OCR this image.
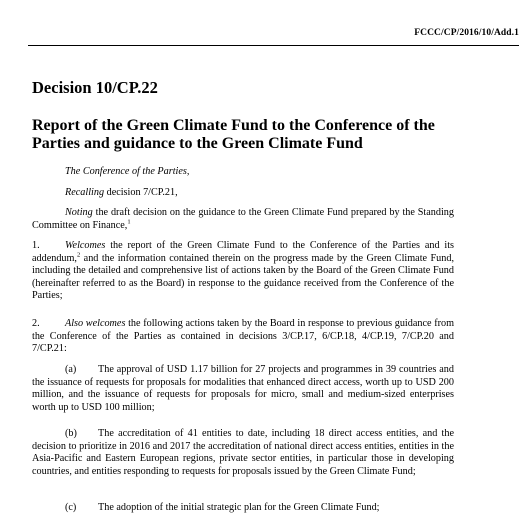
FCCC/CP/2016/10/Add.1
Decision 10/CP.22
Report of the Green Climate Fund to the Conference of the Parties and guidance to the Green Climate Fund
The Conference of the Parties,
Recalling decision 7/CP.21,
Noting the draft decision on the guidance to the Green Climate Fund prepared by the Standing Committee on Finance,$^1$
1. Welcomes the report of the Green Climate Fund to the Conference of the Parties and its addendum,$^2$ and the information contained therein on the progress made by the Green Climate Fund, including the detailed and comprehensive list of actions taken by the Board of the Green Climate Fund (hereinafter referred to as the Board) in response to the guidance received from the Conference of the Parties;
2. Also welcomes the following actions taken by the Board in response to previous guidance from the Conference of the Parties as contained in decisions 3/CP.17, 6/CP.18, 4/CP.19, 7/CP.20 and 7/CP.21:
(a) The approval of USD 1.17 billion for 27 projects and programmes in 39 countries and the issuance of requests for proposals for modalities that enhanced direct access, worth up to USD 200 million, and the issuance of requests for proposals for micro, small and medium-sized enterprises worth up to USD 100 million;
(b) The accreditation of 41 entities to date, including 18 direct access entities, and the decision to prioritize in 2016 and 2017 the accreditation of national direct access entities, entities in the Asia-Pacific and Eastern European regions, private sector entities, in particular those in developing countries, and entities responding to requests for proposals issued by the Green Climate Fund;
(c) The adoption of the initial strategic plan for the Green Climate Fund;
